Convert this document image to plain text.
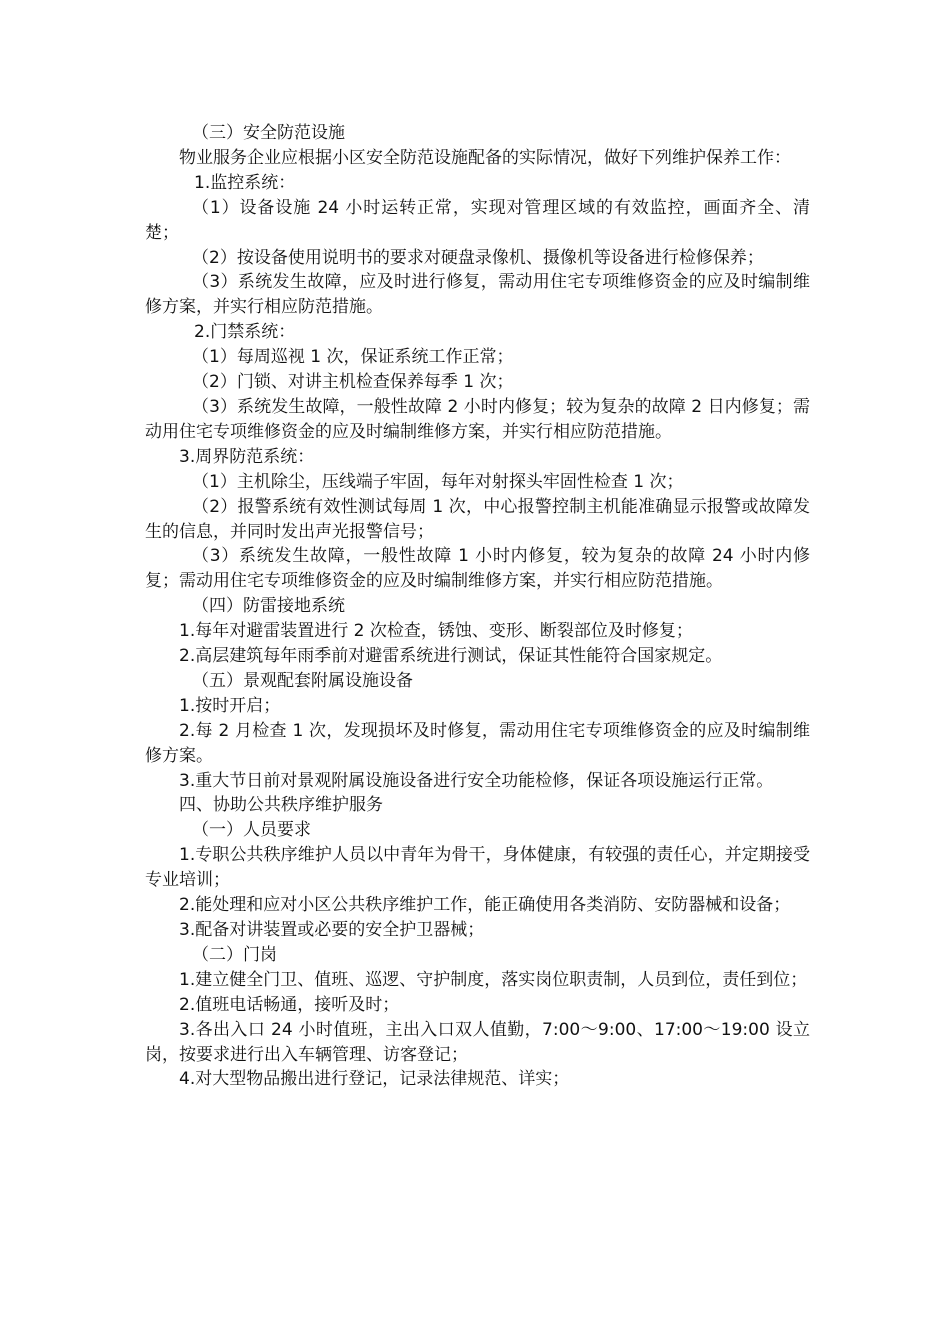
（三）安全防范设施

物业服务企业应根据小区安全防范设施配备的实际情况，做好下列维护保养工作：

1.监控系统：

（1）设备设施 24 小时运转正常，实现对管理区域的有效监控，画面齐全、清楚；

（2）按设备使用说明书的要求对硬盘录像机、摄像机等设备进行检修保养；

（3）系统发生故障，应及时进行修复，需动用住宅专项维修资金的应及时编制维修方案，并实行相应防范措施。

2.门禁系统：

（1）每周巡视 1 次，保证系统工作正常；

（2）门锁、对讲主机检查保养每季 1 次；

（3）系统发生故障，一般性故障 2 小时内修复；较为复杂的故障 2 日内修复；需动用住宅专项维修资金的应及时编制维修方案，并实行相应防范措施。

3.周界防范系统：

（1）主机除尘，压线端子牢固，每年对射探头牢固性检查 1 次；

（2）报警系统有效性测试每周 1 次，中心报警控制主机能准确显示报警或故障发生的信息，并同时发出声光报警信号；

（3）系统发生故障，一般性故障 1 小时内修复，较为复杂的故障 24 小时内修复；需动用住宅专项维修资金的应及时编制维修方案，并实行相应防范措施。

（四）防雷接地系统

1.每年对避雷装置进行 2 次检查，锈蚀、变形、断裂部位及时修复；

2.高层建筑每年雨季前对避雷系统进行测试，保证其性能符合国家规定。

（五）景观配套附属设施设备

1.按时开启；

2.每 2 月检查 1 次，发现损坏及时修复，需动用住宅专项维修资金的应及时编制维修方案。

3.重大节日前对景观附属设施设备进行安全功能检修，保证各项设施运行正常。

四、协助公共秩序维护服务

（一）人员要求

1.专职公共秩序维护人员以中青年为骨干，身体健康，有较强的责任心，并定期接受专业培训；

2.能处理和应对小区公共秩序维护工作，能正确使用各类消防、安防器械和设备；

3.配备对讲装置或必要的安全护卫器械；

（二）门岗

1.建立健全门卫、值班、巡逻、守护制度，落实岗位职责制，人员到位，责任到位；

2.值班电话畅通，接听及时；

3.各出入口 24 小时值班，主出入口双人值勤，7:00～9:00、17:00～19:00 设立岗，按要求进行出入车辆管理、访客登记；

4.对大型物品搬出进行登记，记录法律规范、详实；
